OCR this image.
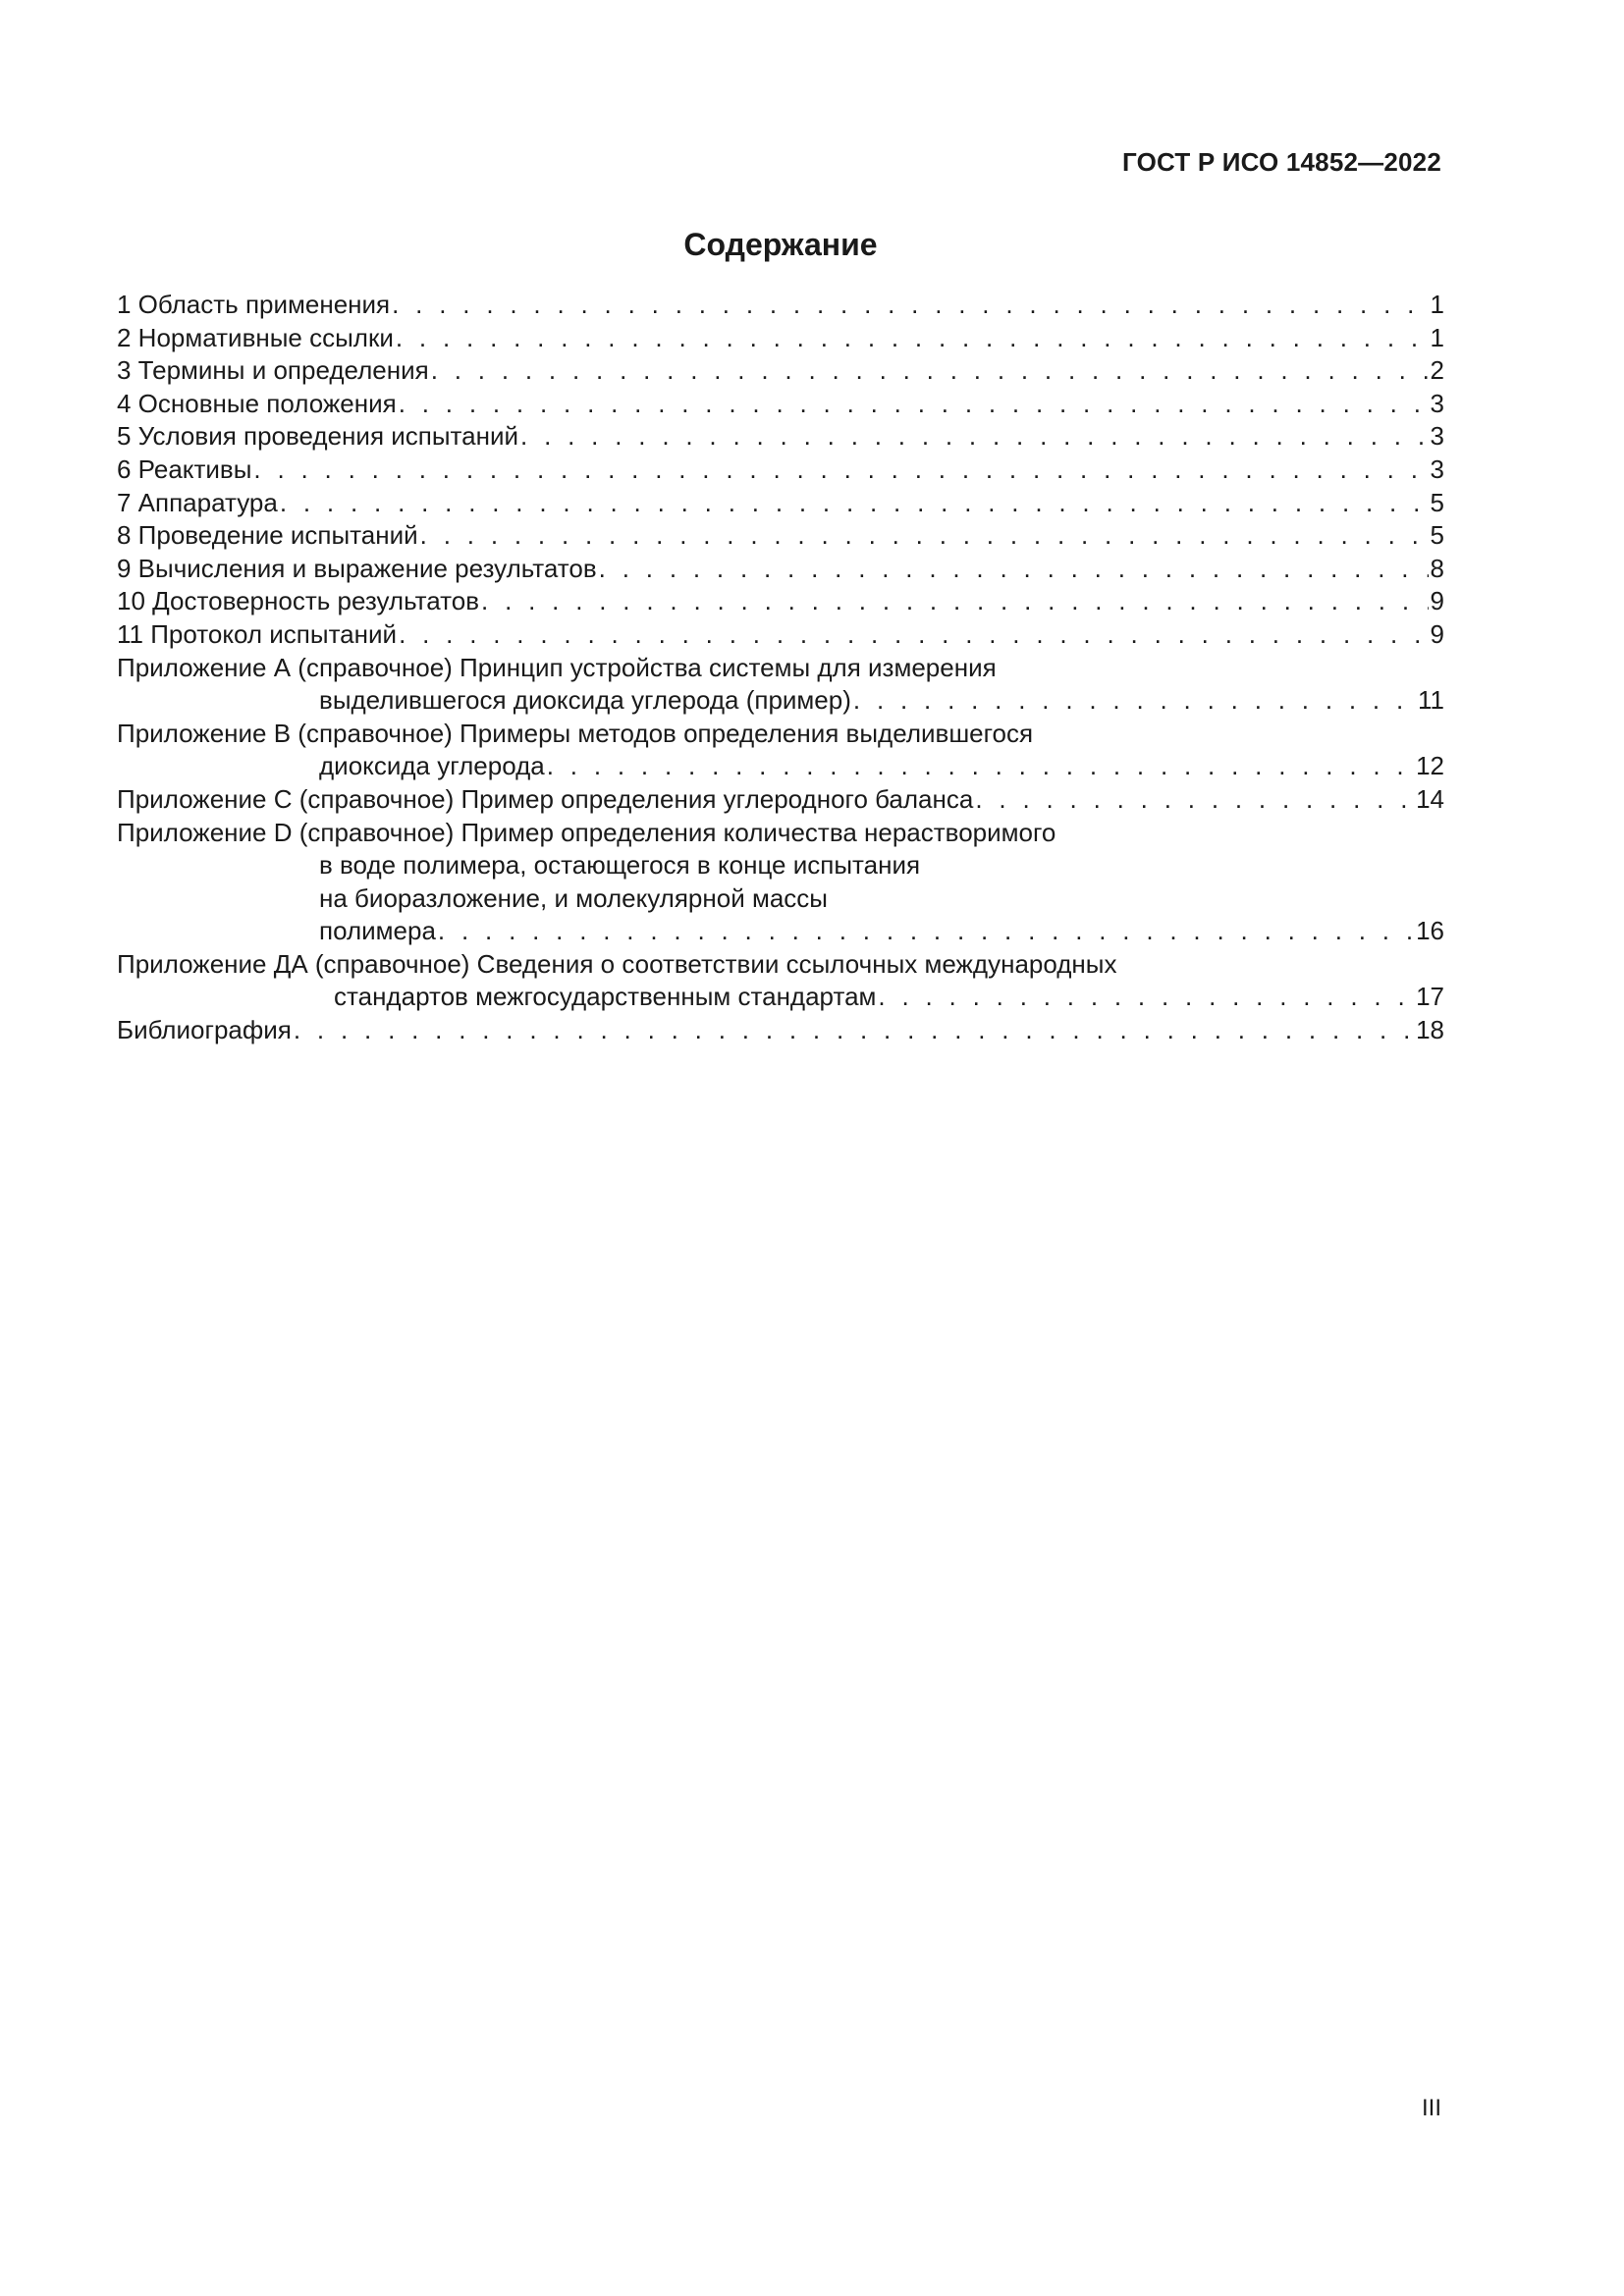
ГОСТ Р ИСО 14852—2022
Содержание
1 Область применения . . .	1
2 Нормативные ссылки . . .	1
3 Термины и определения . . .	2
4 Основные положения . . .	3
5 Условия проведения испытаний . . .	3
6 Реактивы . . .	3
7 Аппаратура . . .	5
8 Проведение испытаний . . .	5
9 Вычисления и выражение результатов . . .	8
10 Достоверность результатов . . .	9
11 Протокол испытаний . . .	9
Приложение А (справочное) Принцип устройства системы для измерения
выделившегося диоксида углерода (пример) . . .	11
Приложение В (справочное) Примеры методов определения выделившегося
диоксида углерода . . .	12
Приложение С (справочное) Пример определения углеродного баланса . . .	14
Приложение D (справочное) Пример определения количества нерастворимого
в воде полимера, остающегося в конце испытания
на биоразложение, и молекулярной массы
полимера . . .	16
Приложение ДА (справочное) Сведения о соответствии ссылочных международных
стандартов межгосударственным стандартам . . .	17
Библиография . . .	18
III
